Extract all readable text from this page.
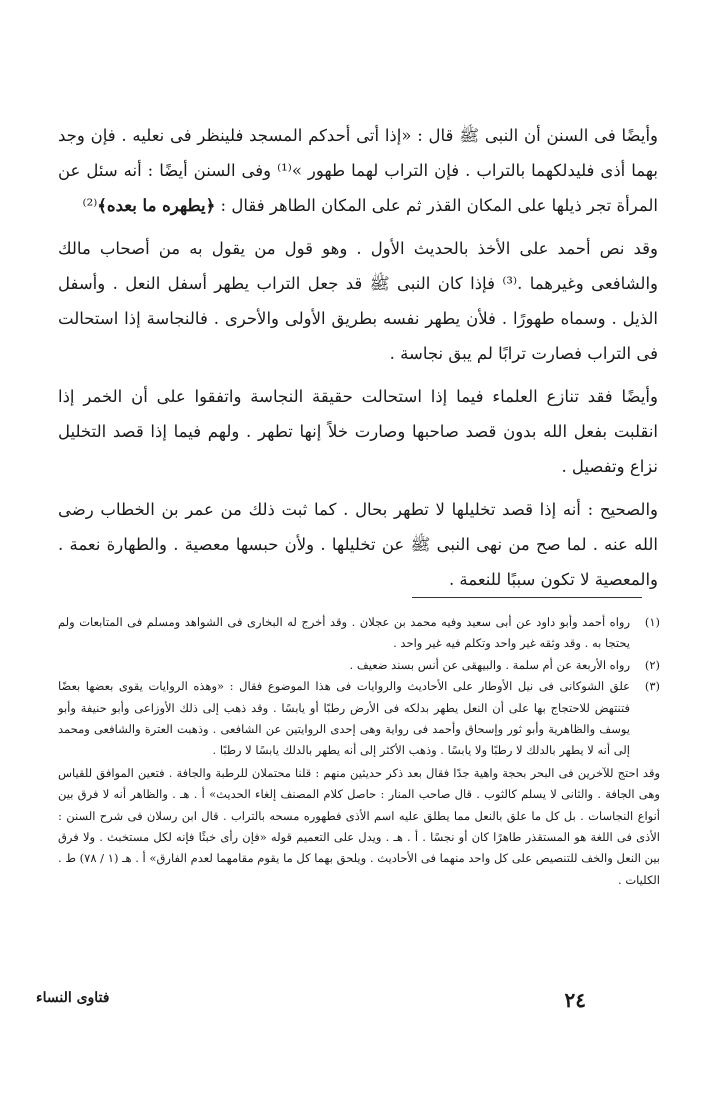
وأيضًا فى السنن أن النبى ﷺ قال : «إذا أتى أحدكم المسجد فلينظر فى نعليه . فإن وجد بهما أذى فليدلكهما بالتراب . فإن التراب لهما طهور »⁽¹⁾ وفى السنن أيضًا : أنه سئل عن المرأة تجر ذيلها على المكان القذر ثم على المكان الطاهر فقال : ﴿يطهره ما بعده﴾⁽²⁾

وقد نص أحمد على الأخذ بالحديث الأول . وهو قول من يقول به من أصحاب مالك والشافعى وغيرهما .⁽³⁾ فإذا كان النبى ﷺ قد جعل التراب يطهر أسفل النعل . وأسفل الذيل . وسماه طهورًا . فلأن يطهر نفسه بطريق الأولى والأحرى . فالنجاسة إذا استحالت فى التراب فصارت ترابًا لم يبق نجاسة .

وأيضًا فقد تنازع العلماء فيما إذا استحالت حقيقة النجاسة واتفقوا على أن الخمر إذا انقلبت بفعل الله بدون قصد صاحبها وصارت خلاً إنها تطهر . ولهم فيما إذا قصد التخليل نزاع وتفصيل .

والصحيح : أنه إذا قصد تخليلها لا تطهر بحال . كما ثبت ذلك من عمر بن الخطاب رضى الله عنه . لما صح من نهى النبى ﷺ عن تخليلها . ولأن حبسها معصية . والطهارة نعمة . والمعصية لا تكون سببًا للنعمة .

(١)
رواه أحمد وأبو داود عن أبى سعيد وفيه محمد بن عجلان . وقد أخرج له البخارى فى الشواهد ومسلم فى المتابعات ولم يحتجا به . وقد وثقه غير واحد وتكلم فيه غير واحد .
(٢)
رواه الأربعة عن أم سلمة . والبيهقى عن أنس بسند ضعيف .
(٣)
علق الشوكانى فى نيل الأوطار على الأحاديث والروايات فى هذا الموضوع فقال : «وهذه الروايات يقوى بعضها بعضًا فتنتهض للاحتجاج بها على أن النعل يطهر بدلكه فى الأرض رطبًا أو يابسًا . وقد ذهب إلى ذلك الأوزاعى وأبو حنيفة وأبو يوسف والظاهرية وأبو ثور وإسحاق وأحمد فى رواية وهى إحدى الروايتين عن الشافعى . وذهبت العترة والشافعى ومحمد إلى أنه لا يطهر بالدلك لا رطبًا ولا يابسًا . وذهب الأكثر إلى أنه يطهر بالدلك يابسًا لا رطبًا .
وقد احتج للآخرين فى البحر بحجة واهية جدًا فقال بعد ذكر حديثين منهم : قلنا محتملان للرطبة والجافة . فتعين الموافق للقياس وهى الجافة . والثانى لا يسلم كالثوب . قال صاحب المنار : حاصل كلام المصنف إلغاء الحديث» أ . هـ . والظاهر أنه لا فرق بين أنواع النجاسات . بل كل ما علق بالنعل مما يطلق عليه اسم الأذى فطهوره مسحه بالتراب . قال ابن رسلان فى شرح السنن : الأذى فى اللغة هو المستقذر طاهرًا كان أو نجسًا . أ . هـ . ويدل على التعميم قوله «فإن رأى خبثًا فإنه لكل مستخبث . ولا فرق بين النعل والخف للتنصيص على كل واحد منهما فى الأحاديث . ويلحق بهما كل ما يقوم مقامهما لعدم الفارق» أ . هـ (١ / ٧٨) ط . الكليات .
٢٤
فتاوى النساء
